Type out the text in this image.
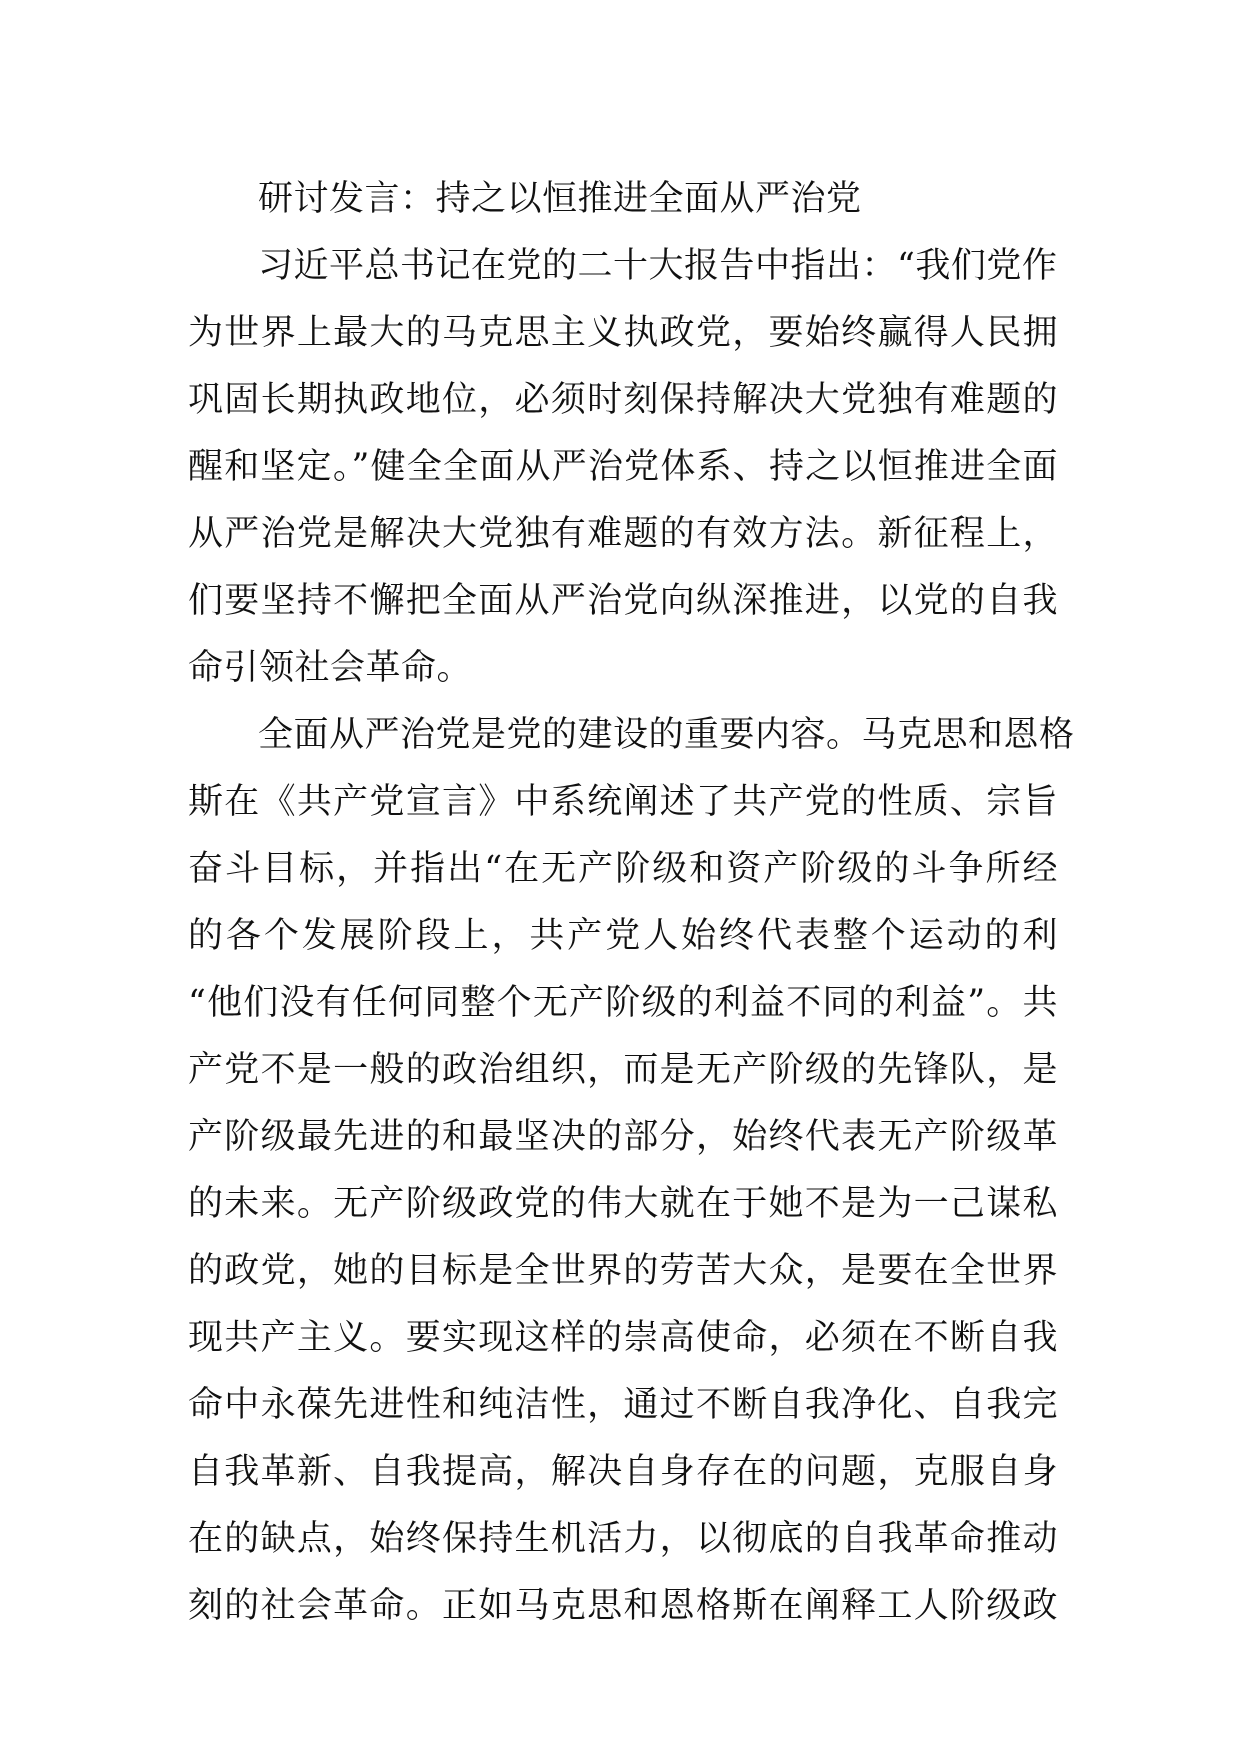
研讨发言：持之以恒推进全面从严治党
习近平总书记在党的二十大报告中指出：“我们党作
为世界上最大的马克思主义执政党，要始终赢得人民拥
巩固长期执政地位，必须时刻保持解决大党独有难题的
醒和坚定。”健全全面从严治党体系、持之以恒推进全面
从严治党是解决大党独有难题的有效方法。新征程上，
们要坚持不懈把全面从严治党向纵深推进，以党的自我
命引领社会革命。
全面从严治党是党的建设的重要内容。马克思和恩格
斯在《共产党宣言》中系统阐述了共产党的性质、宗旨
奋斗目标，并指出“在无产阶级和资产阶级的斗争所经
的各个发展阶段上，共产党人始终代表整个运动的利
“他们没有任何同整个无产阶级的利益不同的利益”。共
产党不是一般的政治组织，而是无产阶级的先锋队，是
产阶级最先进的和最坚决的部分，始终代表无产阶级革
的未来。无产阶级政党的伟大就在于她不是为一己谋私
的政党，她的目标是全世界的劳苦大众，是要在全世界
现共产主义。要实现这样的崇高使命，必须在不断自我
命中永葆先进性和纯洁性，通过不断自我净化、自我完
自我革新、自我提高，解决自身存在的问题，克服自身
在的缺点，始终保持生机活力，以彻底的自我革命推动
刻的社会革命。正如马克思和恩格斯在阐释工人阶级政
